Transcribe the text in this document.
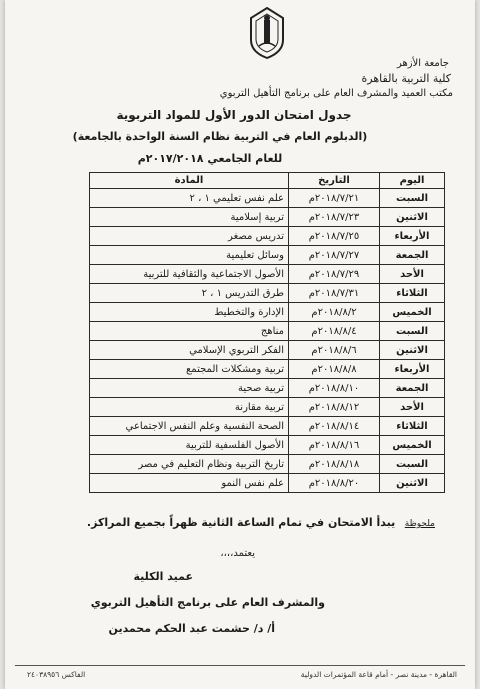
جامعة الأزهر
كلية التربية بالقاهرة
مكتب العميد والمشرف العام على برنامج التأهيل التربوي
جدول امتحان الدور الأول للمواد التربوية
(الدبلوم العام في التربية نظام السنة الواحدة بالجامعة)
للعام الجامعي ٢٠١٧/٢٠١٨م
اليوم	التاريخ	المادة
السبت	٢٠١٨/٧/٢١م	علم نفس تعليمي ١ ، ٢
الاثنين	٢٠١٨/٧/٢٣م	تربية إسلامية
الأربعاء	٢٠١٨/٧/٢٥م	تدريس مصغر
الجمعة	٢٠١٨/٧/٢٧م	وسائل تعليمية
الأحد	٢٠١٨/٧/٢٩م	الأصول الاجتماعية والثقافية للتربية
الثلاثاء	٢٠١٨/٧/٣١م	طرق التدريس ١ ، ٢
الخميس	٢٠١٨/٨/٢م	الإدارة والتخطيط
السبت	٢٠١٨/٨/٤م	مناهج
الاثنين	٢٠١٨/٨/٦م	الفكر التربوي الإسلامي
الأربعاء	٢٠١٨/٨/٨م	تربية ومشكلات المجتمع
الجمعة	٢٠١٨/٨/١٠م	تربية صحية
الأحد	٢٠١٨/٨/١٢م	تربية مقارنة
الثلاثاء	٢٠١٨/٨/١٤م	الصحة النفسية وعلم النفس الاجتماعي
الخميس	٢٠١٨/٨/١٦م	الأصول الفلسفية للتربية
السبت	٢٠١٨/٨/١٨م	تاريخ التربية ونظام التعليم في مصر
الاثنين	٢٠١٨/٨/٢٠م	علم نفس النمو
ملحوظة يبدأ الامتحان في تمام الساعة الثانية ظهراً بجميع المراكز.
يعتمد،،،،
عميد الكلية
والمشرف العام على برنامج التأهيل التربوي
أ/ د/ حشمت عبد الحكم محمدين
القاهرة - مدينة نصر - أمام قاعة المؤتمرات الدولية
الفاكس ٢٤٠٣٨٩٥٦
